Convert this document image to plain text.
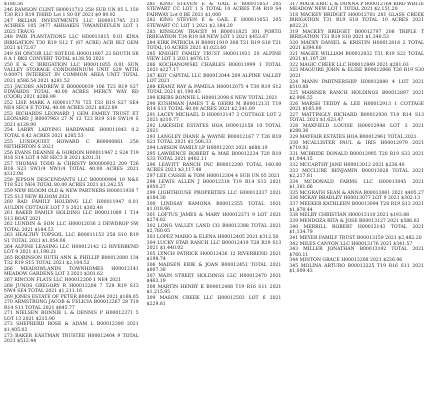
$180.56

246 RAMSON CLINT H00011712 258 SUB UN 05 L 150 T30 R11 R19 THIRD Lot 1 S0 0F 2021 $9 89.92

247 RKLIAN INVESTMENTS LLC H00011745 213 ACHRES 105 3477 AHRIAKES 70WANDEFLEN LOT 1 2023 TRAUG

248 PAIR PLANTATIONS LLC H00011815 0.01 KINA IRRIGATION T30 R19 S12 T (07 ACRE) ACR BLT GEM 2021 $172.67

249 SH ONCOR LLC SOTEOS H00011807 23 SOUTH SR 6 A 1 BKS CONVERT TOTAL $138.50 2021

250 E & C IRRIGATION LLC H00011855 0.01 SUN VALLEY STORAGE CONDOMINIUM UNIT S29 WITH 0.00971 INTEREST IN COMMON AREA UNIT TOTAL 2021 $586.54 2021 $281.52

251 JACOBS ANDREW E B00000039 106 T23 R19 S27 EDWARDS TOTAL 40.00 ACRES MERCY WAY RD (COOR) 2021 $286.99

252 LISE MARK A H00011776 725 T33 R19 S27 SE4 NE4 SEC4 E TOTAL 40.00 ACRES 2021 $822.89

253 RICHARDS LEONARD J GEM FAMILY TRUST ET LEONARD J B0007963 27 N 13 T23 R19 S18 SW1/4 S 2021 $128.90

254 LARRY LADYING HARDWARE H00011843 0.2 TOTAL 0.42 ACRES 2021 $285.53

255 LUNDQUIST HOWARD C B00000861 250 NETHERTON S 2021

256 EVANS DEANNE & GORDON H00011947 2 S24 T19 R16 S14 LOT 4 NE SEC3 B 2021 $201.31

257 THOMAS TODD & CHRISTY B00000922 209 T26 R16 S23 SW1/4 NW1/4 TOTAL 40.00 ACRES 2021 $312.08

258 JEPSON DESCENDANTS LLC B00000904 19 N&S T18 S21 NE4 TOTAL 80.00 ACRES 2021 $1,242.55

259 NEW BLOOM OLD & NEW PARTNERS H00011938 7 T25 S13 NEW BLOOM 2021

260 RAD FAMILY HOLDING LLC H00011947 0.01 AULDIN COTTAGE LOT 7 S 2021 $302.48

261 BAKER FAMILY HOLDING LLC B00011089 1 T14 S13 BOAT 2021

262 LUNDIN & SON LLC H00012036 2 DEWDROP SW TOTAL 2021 $184.53

263 HEALTHY TOPSOIL LLC B00011153 258 S10 R19 S1 TOTAL 2021 $1,054.08

264 ALPINE LEASING LLC H00012142 12 RIVERBEND LOT 9 2021 $1,198.21

265 ROBINSON RUTH ANN & PHILLIP B00012080 134 T32 R19 S15 TOTAL 2021 $2,104.52

266 MEADOWLANDS TOWNHOMES H00012141 MEADOW GARDENS LOT 3 2021 $301.62

267 RINCON FLATS LLC H00012200 1 NE4 2021

268 JUNOS GREGORY R H00012208 7 T28 R19 S13 NW4 SE4 TOTAL 2021 $1,211.16

269 JONES ESTATE OF PETER B00012244 2021 $168.05

270 ARMSTRONG JACOB & FELICIA B00012267 28 T19 R14 S11 TOTAL 2021 $845.77

271 NIELSEN BONNIE L & DENNIS P H00012371 5 LOT 13 2021 $215.90

272 SHEPHERD ROSE & ADAM L B00012390 2021 $1,405.03

273 BAKER EASTMAN TRUSTEE H00012404 9 TOTAL 2021 $512.44

281 KING STEVEN E & GAIL E B00011653 205 STEWART CC LOT 1 S TOTAL 10 ACRES T34 R19 S4 FAIRWAY Lot 0 RE 2021 $1,000

282 KING STEVEN E & GAIL E H00011653 205 STEWART CC LOT 1 2021 $2,184.20

283 KINSLOW TRACEY M B00011825 301 PORTO IRRIGATION T34 R19 S8 NEW LOT 1 2021 $453.67

284 KIRK PATRICIA H B00011919 308 T21 R19 S18 T21 TOTAL 10 ACRES 2021 $1,023.60

285 KNIGHT FAMILY TRUST H00011931 20 ALPINE VIEW LOT 3 2021 $876.15

286 KOCHANOWSKI CHARLES B00011999 1 TOTAL 2021 $227.17

287 KOT CAPITAL LLC B00012044 209 ALPINE VALLEY LOT 2021

288 KRANZ RAY & PAMELA H00012075 4 T30 R19 S12 TOTAL 2021 $1,190.45

289 KREBS BONNIE L H00012098 6 NEW TOTAL 2021

290 KUSHMAN JAMES T & GERRI M B00012131 T19 R14 S13 TOTAL 40.00 ACRES 2021 $2,341.09

291 LACEY MICHAEL D H00012147 3 COTTAGE LOT 2 2021 $310.77

292 LAKESIDE ESTATES HOA H00012158 10 TOTAL 2021

293 LANGLEY DIANE & WAYNE B00012167 7 T26 R19 S21 TOTAL 2021 $1,506.33

294 LARSON FAMILY LP H00012203 2021 $688.19

295 LAWRENCE ROBERT & MAE B00012234 T20 R19 S33 TOTAL 2021 $402.11

296 LEAVITT RANCH INC B00012290 TOTAL 160.00 ACRES 2021 $3,117.48

297 LEE CASSIE & TOM H00012304 4 SUB UN 05 2021

298 LEWIS ALLEN J B00012318 T19 R14 S13 2021 $950.27

299 LIGHTHOUSE PROPERTIES LLC H00012337 2021 $184.30

300 LINDSAY RAMONA B00012355 TOTAL 2021 $1,018.66

301 LOFTUS JAMES & MARY H00012371 9 LOT 2021 $274.82

302 LONG VALLEY LAND CO B00012388 TOTAL 2021 $2,760.05

303 LOPEZ MARIO & ELENA H00012405 2021 $312.50

304 LUCKY STAR RANCH LLC B00012419 T28 R19 S13 2021 $1,440.02

305 LYNCH PATRICK H00012436 12 RIVERBEND 2021 $198.74

306 MADSEN ERIK & JOAN B00012451 TOTAL 2021 $807.38

307 MAIN STREET HOLDINGS LLC H00012470 2021 $463.19

308 MARTIN HENRY K B00012488 T19 R16 S11 2021 $1,215.95

309 MASON CREEK LLC H00012503 LOT 6 2021 $229.81

317 MACK ERIC L & DONNA P B00012764 BIRD WHITE MEADOW NEW LOT 1 TOTAL 2021 $2,151.20

318 MACKEY BRIDGET H00012781 281 GLASS CREEK IRRIGATION T31 R19 S18 TOTAL 10 ACRES 2021 $822.21

319 MACKEY BRIDGET B00012797 208 TRIPLE T IRRIGATION T31 R19 S18 2021 $1,340.53

320 MACKY DANIEL & KRISTIN H00012818 2 TOTAL 2021 $394.60

321 MAGEE WILLIAM B00012832 T31 R19 S22 TOTAL 2021 $1,107.28

322 MAGIC CREEK LLC H00012849 2021 $281.03

323 MAGUIRE JOHN & ELISE B00012866 T26 R19 S30 2021

324 MANN PARTNERSHIP H00012880 4 LOT 2021 $510.88

325 MARINER RANCH HOLDINGS B00012897 2021 $2,906.55

326 MARSH TEDDY & LEE H00012913 1 COTTAGE 2021 $165.09

327 MATTINGLY RICHARD B00012930 T19 R14 S13 TOTAL 2021 $1,623.47

328 MAXFIELD LOUISE H00012948 LOT 3 2021 $288.36

329 MAYFAIR ESTATES HOA B00012961 TOTAL 2021

330 MCALLISTER PAUL & IRIS H00012979 2021 $719.92

331 MCBRIDE DONALD B00012995 T20 R19 S33 2021 $1,044.15

332 MCCARTHY JANE H00013012 2021 $236.40

333 MCCLURE BENJAMIN B00013028 TOTAL 2021 $2,217.81

334 MCDONALD FARMS LLC H00013045 2021 $1,381.66

335 MCGRATH SEAN & ANNA B00013061 2021 $405.27

336 MCKAY BRADLEY H00013077 LOT 9 2021 $302.13

337 MEEKER KATHLEEN B00013094 T28 R19 S13 2021 $1,870.44

338 MELBY CHRISTIAN H00013110 2021 $193.88

339 MENDOZA RITA & JOSE B00013127 2021 $586.02

340 MERRILL ROBERT H00013143 TOTAL 2021 $1,134.79

341 MEYER FAMILY TRUST B00013159 2021 $2,482.20

342 MILES CANYON LLC H00013176 2021 $341.57

343 MILLER JONATHAN B00013192 TOTAL 2021 $760.11

344 MINTON GRACE H00013208 2021 $226.96

345 MOLINA ARTURO B00013225 T19 R16 S11 2021 $1,009.43
